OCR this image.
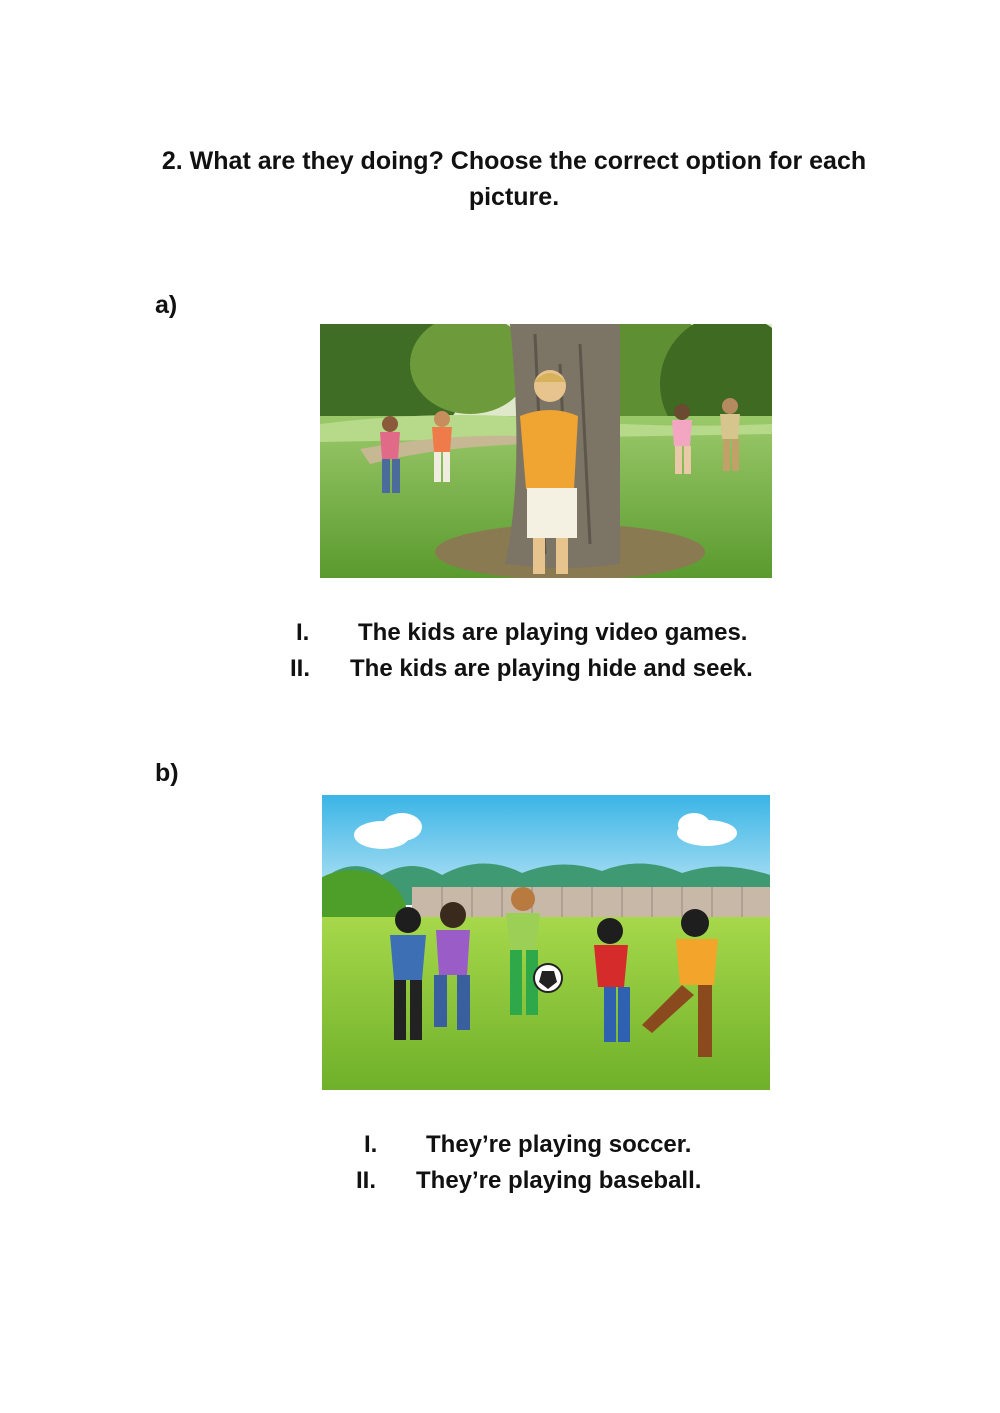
2. What are they doing? Choose the correct option for each picture.
a)
I. The kids are playing video games.
II. The kids are playing hide and seek.
b)
I. They’re playing soccer.
II. They’re playing baseball.
